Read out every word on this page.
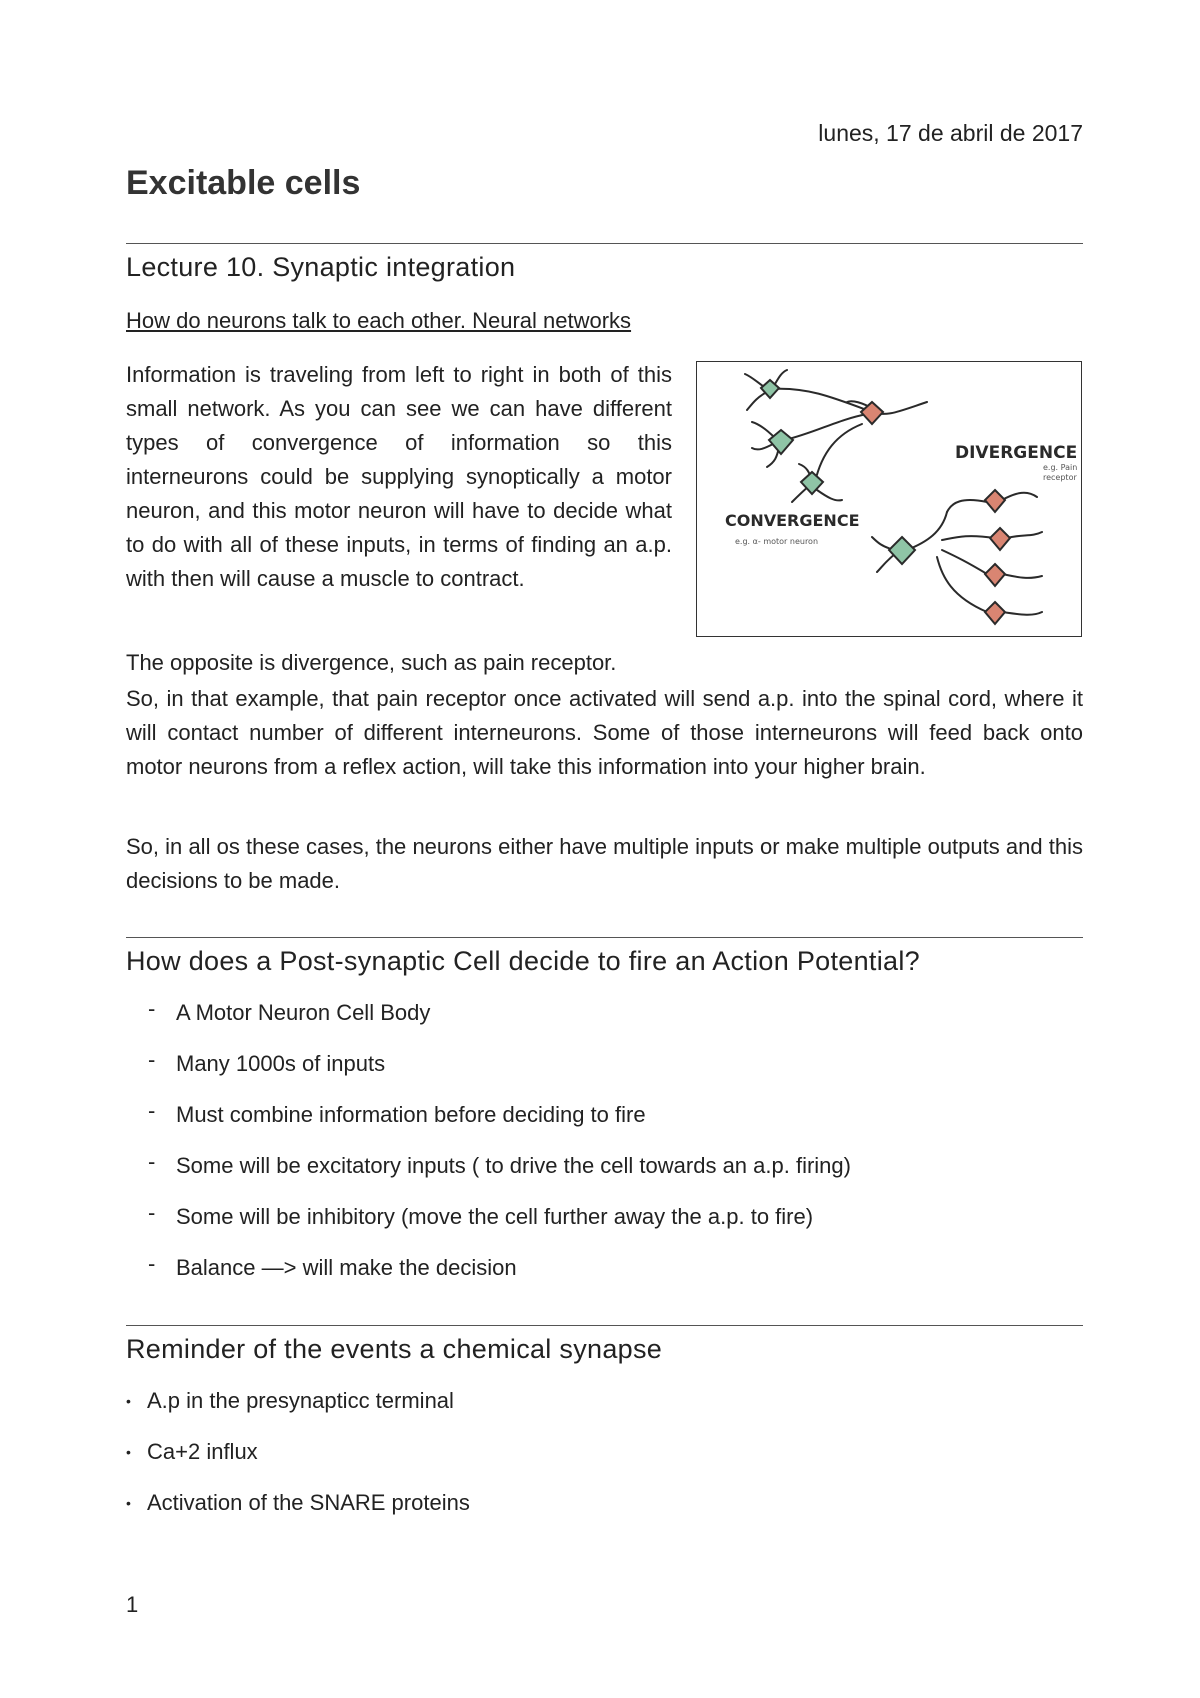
lunes, 17 de abril de 2017
Excitable cells
Lecture 10. Synaptic integration
How do neurons talk to each other. Neural networks
Information is traveling from left to right in both of this small network. As you can see we can have different types of convergence of information so this interneurons could be supplying synoptically a motor neuron, and this motor neuron will have to decide what to do with all of these inputs, in terms of finding an a.p. with then will cause a muscle to contract.
CONVERGENCE
e.g. α- motor neuron
DIVERGENCE
e.g. Pain
receptor
The opposite is divergence, such as pain receptor.
So, in that example, that pain receptor once activated will send a.p. into the spinal cord, where it will contact number of different interneurons. Some of those interneurons will feed back onto motor neurons from a reflex action, will take this information into your higher brain.
So, in all os these cases, the neurons either have multiple inputs or make multiple outputs and this decisions to be made.
How does a Post-synaptic Cell decide to fire an Action Potential?
- A Motor Neuron Cell Body
- Many 1000s of inputs
- Must combine information before deciding to fire
- Some will be excitatory inputs ( to drive the cell towards an a.p. firing)
- Some will be inhibitory (move the cell further away the a.p. to fire)
- Balance —> will make the decision
Reminder of the events a chemical synapse
• A.p in the presynapticc terminal
• Ca+2 influx
• Activation of the SNARE proteins
1
